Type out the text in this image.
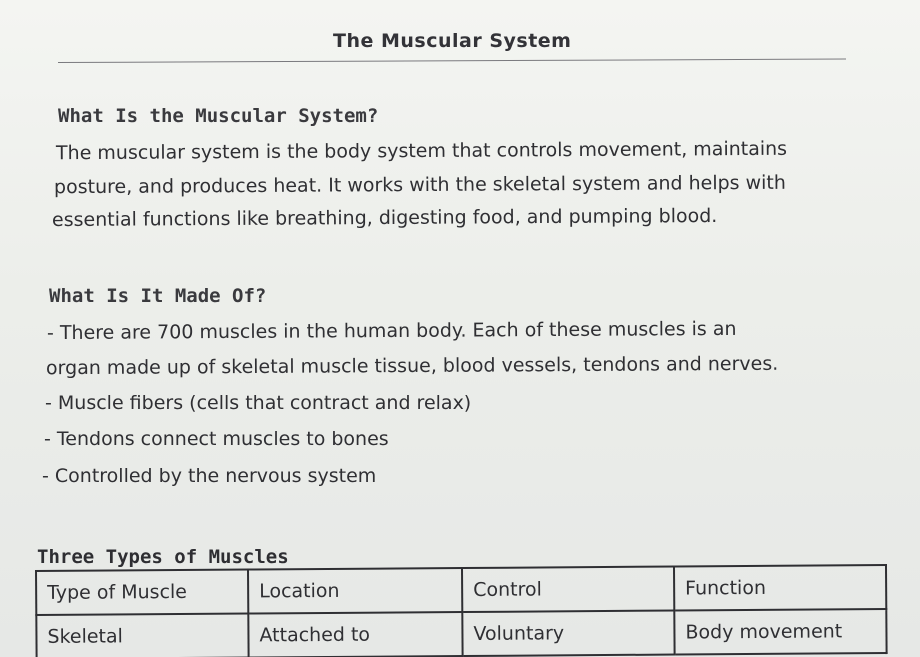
The Muscular System
What Is the Muscular System?
The muscular system is the body system that controls movement, maintains
posture, and produces heat. It works with the skeletal system and helps with
essential functions like breathing, digesting food, and pumping blood.
What Is It Made Of?
- There are 700 muscles in the human body. Each of these muscles is an
organ made up of skeletal muscle tissue, blood vessels, tendons and nerves.
- Muscle fibers (cells that contract and relax)
- Tendons connect muscles to bones
- Controlled by the nervous system
Three Types of Muscles
Type of Muscle	Location	Control	Function
Skeletal	Attached to	Voluntary	Body movement
